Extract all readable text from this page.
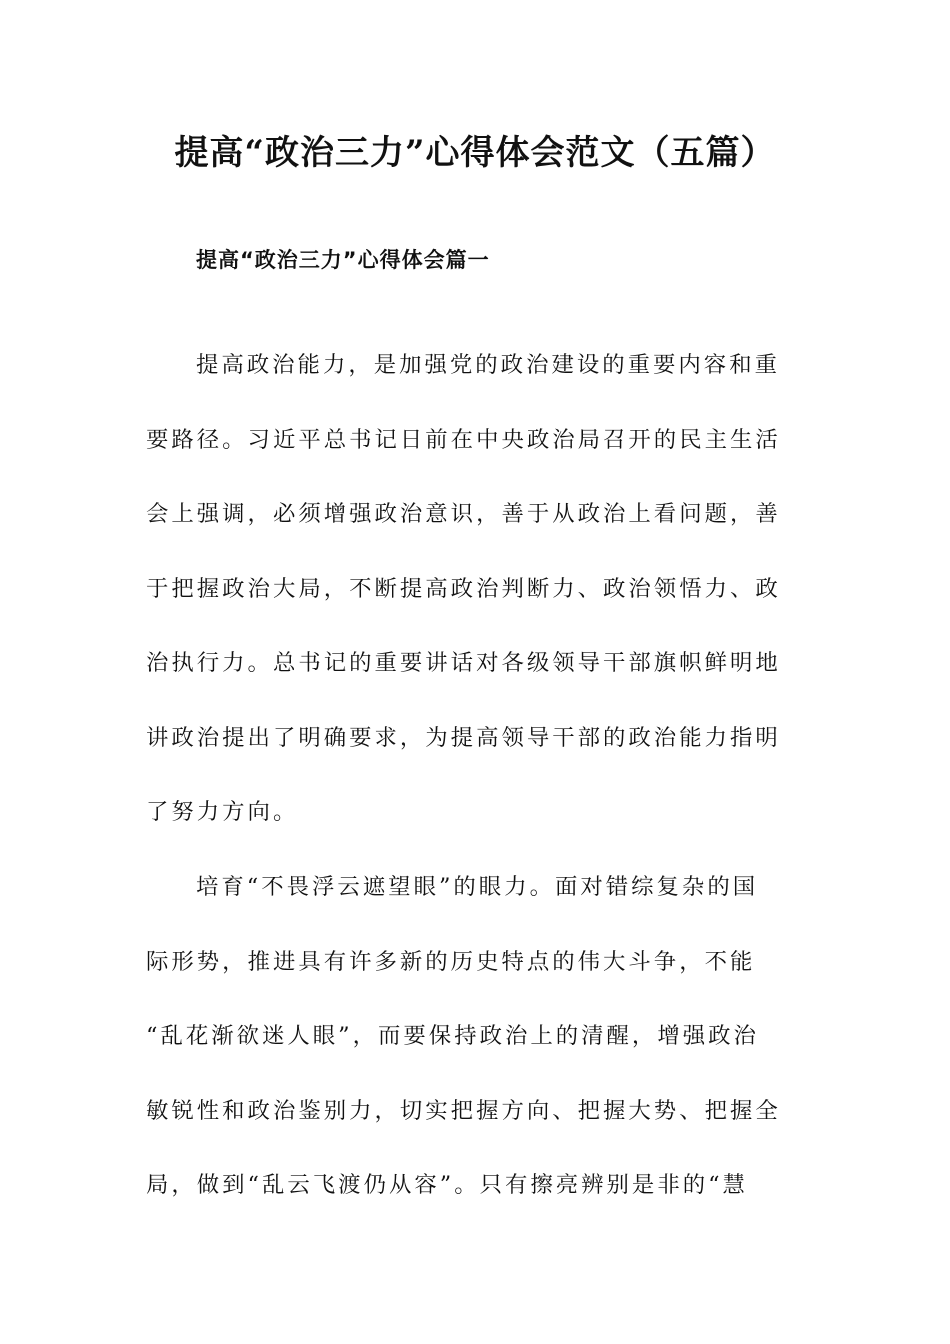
提高“政治三力”心得体会范文（五篇）
提高“政治三力”心得体会篇一
提高政治能力，是加强党的政治建设的重要内容和重
要路径。习近平总书记日前在中央政治局召开的民主生活
会上强调，必须增强政治意识，善于从政治上看问题，善
于把握政治大局，不断提高政治判断力、政治领悟力、政
治执行力。总书记的重要讲话对各级领导干部旗帜鲜明地
讲政治提出了明确要求，为提高领导干部的政治能力指明
了努力方向。
培育“不畏浮云遮望眼”的眼力。面对错综复杂的国
际形势，推进具有许多新的历史特点的伟大斗争，不能
“乱花渐欲迷人眼”，而要保持政治上的清醒，增强政治
敏锐性和政治鉴别力，切实把握方向、把握大势、把握全
局，做到“乱云飞渡仍从容”。只有擦亮辨别是非的“慧
